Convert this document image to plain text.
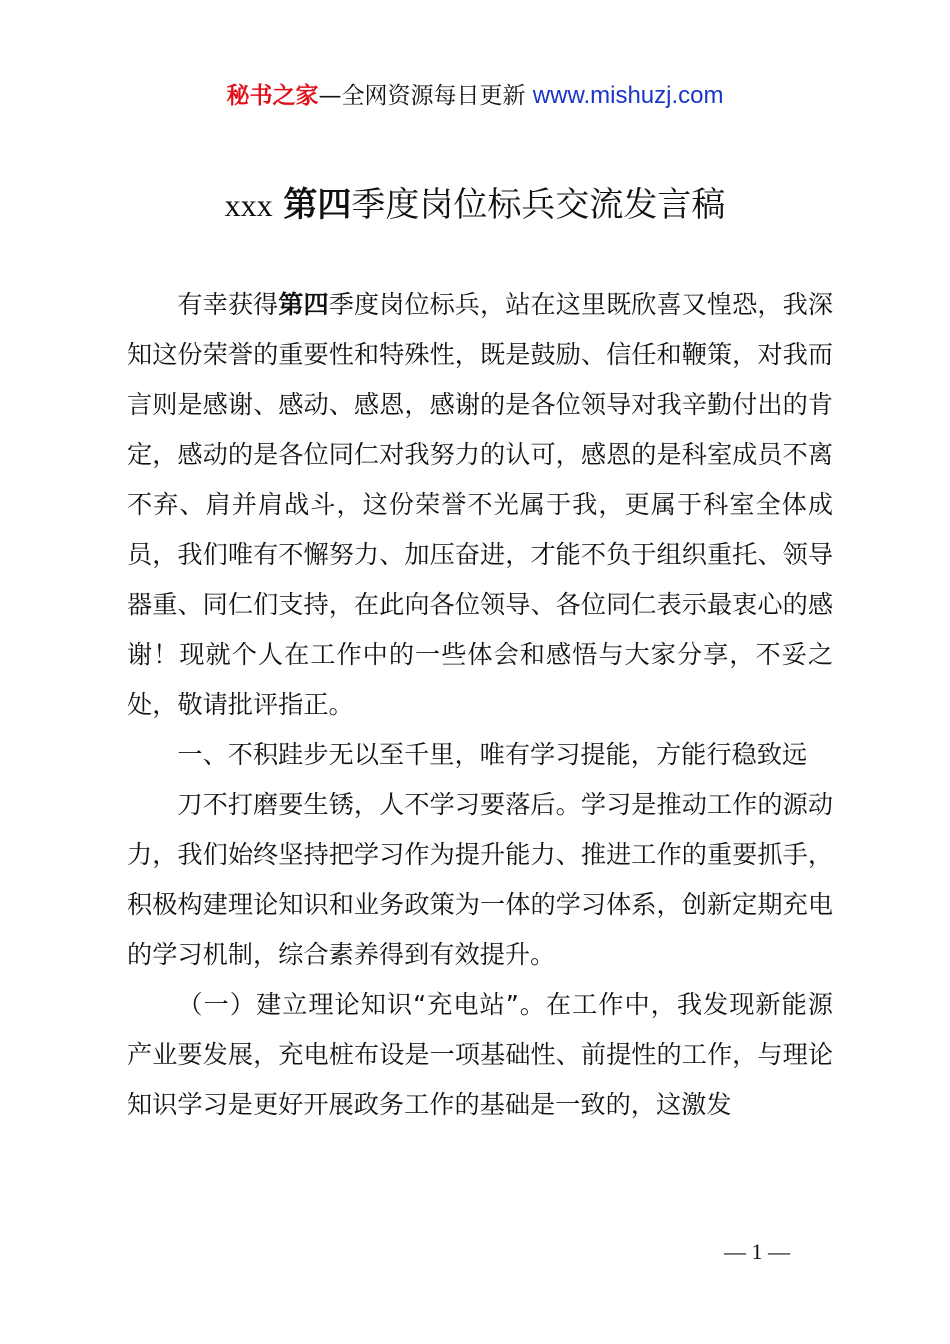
秘书之家—全网资源每日更新 www.mishuzj.com
xxx 第四季度岗位标兵交流发言稿

有幸获得第四季度岗位标兵，站在这里既欣喜又惶恐，我深知这份荣誉的重要性和特殊性，既是鼓励、信任和鞭策，对我而言则是感谢、感动、感恩，感谢的是各位领导对我辛勤付出的肯定，感动的是各位同仁对我努力的认可，感恩的是科室成员不离不弃、肩并肩战斗，这份荣誉不光属于我，更属于科室全体成员，我们唯有不懈努力、加压奋进，才能不负于组织重托、领导器重、同仁们支持，在此向各位领导、各位同仁表示最衷心的感谢！现就个人在工作中的一些体会和感悟与大家分享，不妥之处，敬请批评指正。

一、不积跬步无以至千里，唯有学习提能，方能行稳致远

刀不打磨要生锈，人不学习要落后。学习是推动工作的源动力，我们始终坚持把学习作为提升能力、推进工作的重要抓手，积极构建理论知识和业务政策为一体的学习体系，创新定期充电的学习机制，综合素养得到有效提升。

（一）建立理论知识“充电站”。在工作中，我发现新能源产业要发展，充电桩布设是一项基础性、前提性的工作，与理论知识学习是更好开展政务工作的基础是一致的，这激发

— 1 —
